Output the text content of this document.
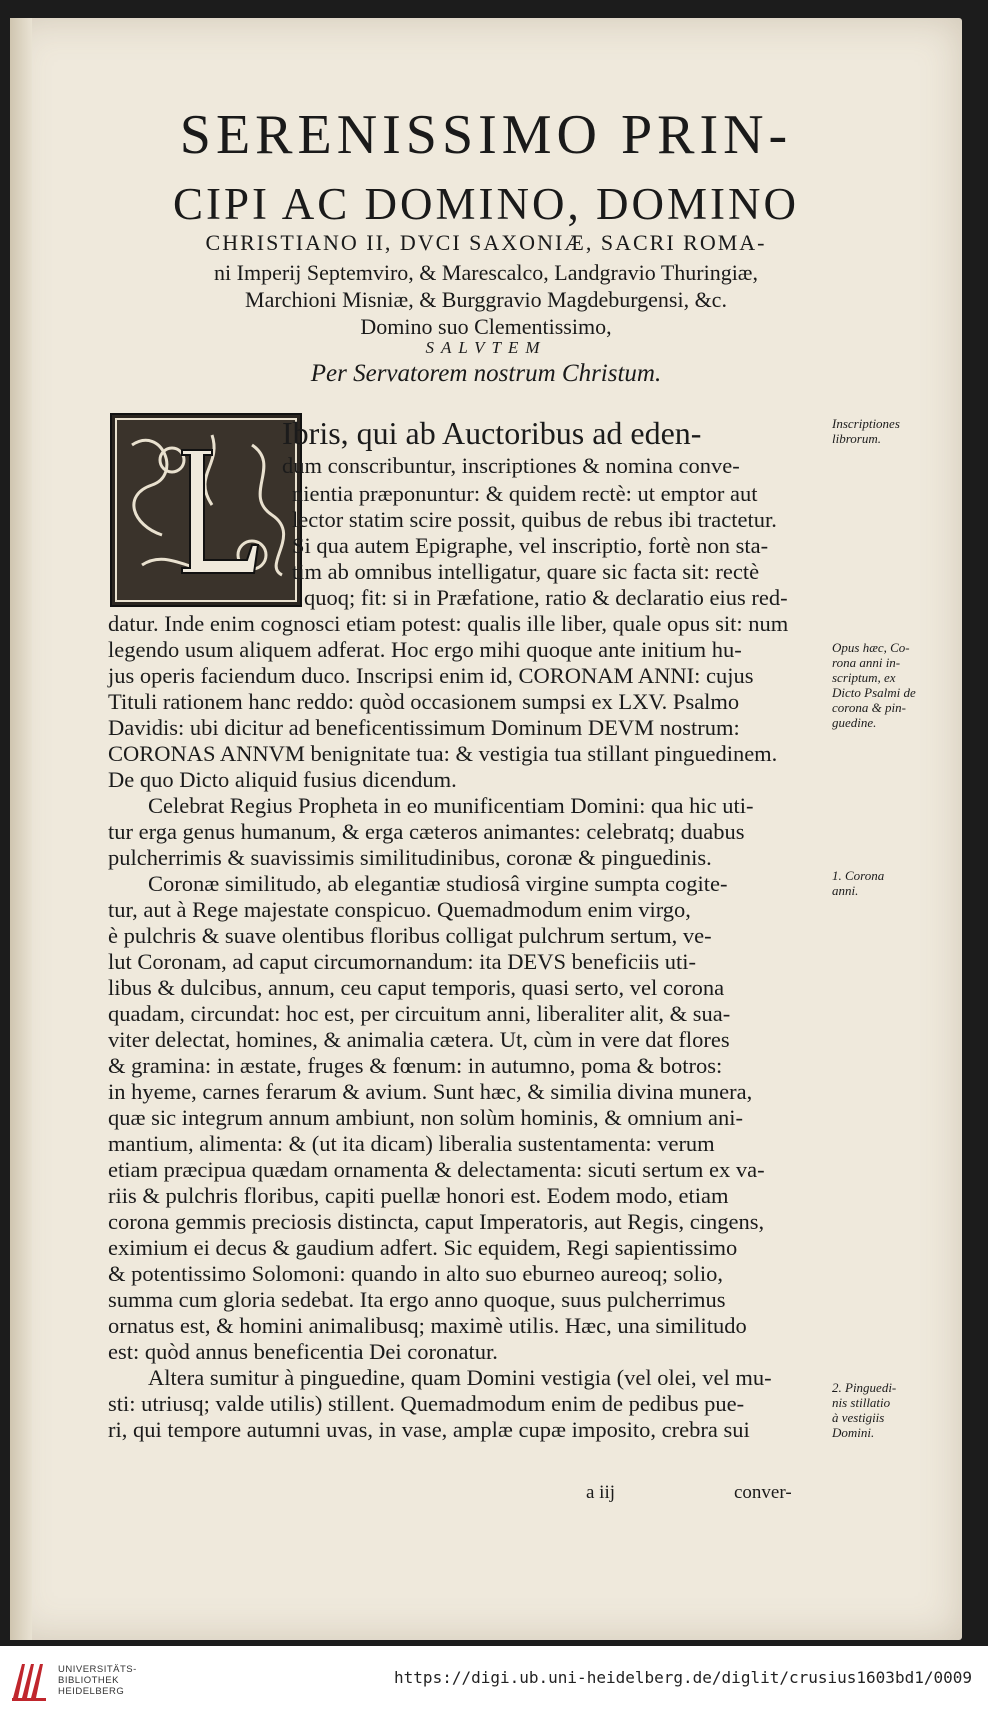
SERENISSIMO PRIN-
CIPI AC DOMINO, DOMINO
CHRISTIANO II, DVCI SAXONIÆ, SACRI ROMA-
ni Imperij Septemviro, & Marescalco, Landgravio Thuringiæ,
Marchioni Misniæ, & Burggravio Magdeburgensi, &c.
Domino suo Clementissimo,
SALVTEM
Per Servatorem nostrum Christum.
Ibris, qui ab Auctoribus ad eden-
dum conscribuntur, inscriptiones & nomina conve-
nientia præponuntur: & quidem rectè: ut emptor aut
lector statim scire possit, quibus de rebus ibi tractetur.
Si qua autem Epigraphe, vel inscriptio, fortè non sta-
tim ab omnibus intelligatur, quare sic facta sit: rectè
quoq; fit: si in Præfatione, ratio & declaratio eius red-
datur. Inde enim cognosci etiam potest: qualis ille liber, quale opus sit: num
legendo usum aliquem adferat. Hoc ergo mihi quoque ante initium hu-
jus operis faciendum duco. Inscripsi enim id, CORONAM ANNI: cujus
Tituli rationem hanc reddo: quòd occasionem sumpsi ex LXV. Psalmo
Davidis: ubi dicitur ad beneficentissimum Dominum DEVM nostrum:
CORONAS ANNVM benignitate tua: & vestigia tua stillant pinguedinem.
De quo Dicto aliquid fusius dicendum.
Celebrat Regius Propheta in eo munificentiam Domini: qua hic uti-
tur erga genus humanum, & erga cæteros animantes: celebratq; duabus
pulcherrimis & suavissimis similitudinibus, coronæ & pinguedinis.
Coronæ similitudo, ab elegantiæ studiosâ virgine sumpta cogite-
tur, aut à Rege majestate conspicuo. Quemadmodum enim virgo,
è pulchris & suave olentibus floribus colligat pulchrum sertum, ve-
lut Coronam, ad caput circumornandum: ita DEVS beneficiis uti-
libus & dulcibus, annum, ceu caput temporis, quasi serto, vel corona
quadam, circundat: hoc est, per circuitum anni, liberaliter alit, & sua-
viter delectat, homines, & animalia cætera. Ut, cùm in vere dat flores
& gramina: in æstate, fruges & fœnum: in autumno, poma & botros:
in hyeme, carnes ferarum & avium. Sunt hæc, & similia divina munera,
quæ sic integrum annum ambiunt, non solùm hominis, & omnium ani-
mantium, alimenta: & (ut ita dicam) liberalia sustentamenta: verum
etiam præcipua quædam ornamenta & delectamenta: sicuti sertum ex va-
riis & pulchris floribus, capiti puellæ honori est. Eodem modo, etiam
corona gemmis preciosis distincta, caput Imperatoris, aut Regis, cingens,
eximium ei decus & gaudium adfert. Sic equidem, Regi sapientissimo
& potentissimo Solomoni: quando in alto suo eburneo aureoq; solio,
summa cum gloria sedebat. Ita ergo anno quoque, suus pulcherrimus
ornatus est, & homini animalibusq; maximè utilis. Hæc, una similitudo
est: quòd annus beneficentia Dei coronatur.
Altera sumitur à pinguedine, quam Domini vestigia (vel olei, vel mu-
sti: utriusq; valde utilis) stillent. Quemadmodum enim de pedibus pue-
ri, qui tempore autumni uvas, in vase, amplæ cupæ imposito, crebra sui
Inscriptiones
librorum.
Opus hæc, Co-
rona anni in-
scriptum, ex
Dicto Psalmi de
corona & pin-
guedine.
1. Corona
anni.
2. Pinguedi-
nis stillatio
à vestigiis
Domini.
a iij	conver-
UNIVERSITÄTS-
BIBLIOTHEK
HEIDELBERG
https://digi.ub.uni-heidelberg.de/diglit/crusius1603bd1/0009
